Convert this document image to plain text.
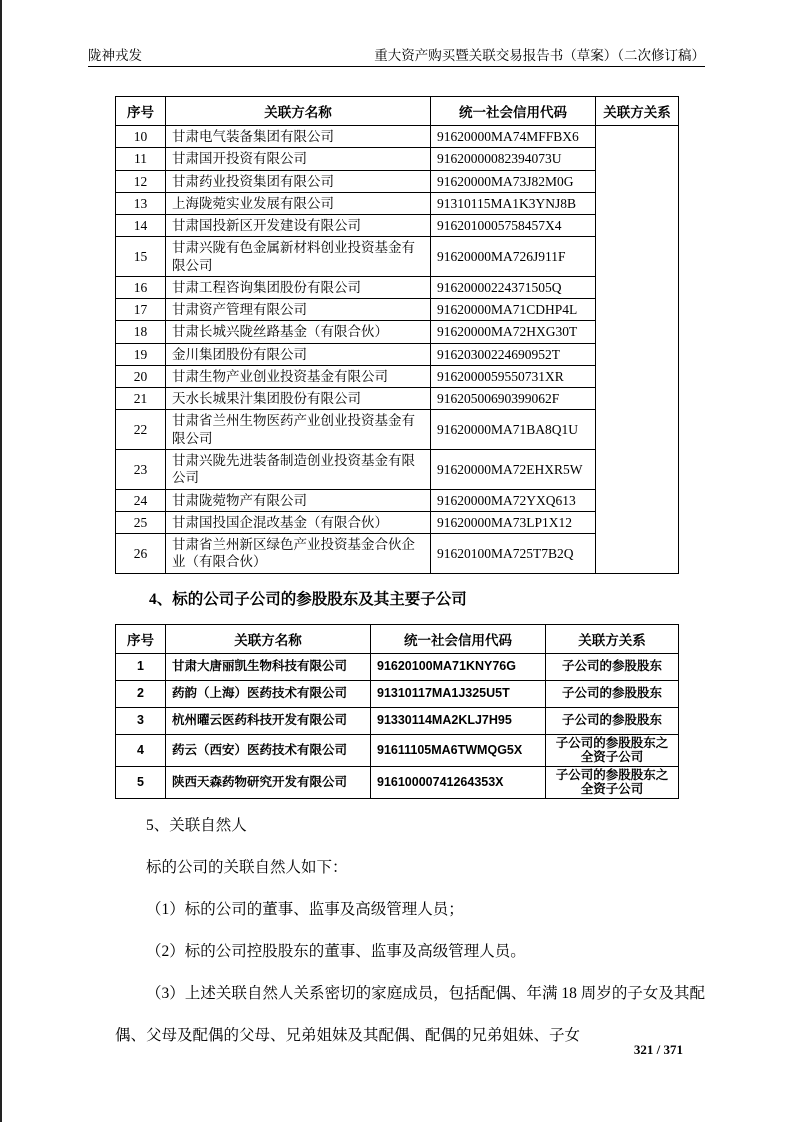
陇神戎发	重大资产购买暨关联交易报告书（草案）（二次修订稿）
序号	关联方名称	统一社会信用代码	关联方关系
10	甘肃电气装备集团有限公司	91620000MA74MFFBX6	
11	甘肃国开投资有限公司	91620000082394073U	
12	甘肃药业投资集团有限公司	91620000MA73J82M0G	
13	上海陇菀实业发展有限公司	91310115MA1K3YNJ8B	
14	甘肃国投新区开发建设有限公司	9162010005758457X4	
15	甘肃兴陇有色金属新材料创业投资基金有限公司	91620000MA726J911F	
16	甘肃工程咨询集团股份有限公司	91620000224371505Q	
17	甘肃资产管理有限公司	91620000MA71CDHP4L	
18	甘肃长城兴陇丝路基金（有限合伙）	91620000MA72HXG30T	
19	金川集团股份有限公司	91620300224690952T	
20	甘肃生物产业创业投资基金有限公司	9162000059550731XR	
21	天水长城果汁集团股份有限公司	91620500690399062F	
22	甘肃省兰州生物医药产业创业投资基金有限公司	91620000MA71BA8Q1U	
23	甘肃兴陇先进装备制造创业投资基金有限公司	91620000MA72EHXR5W	
24	甘肃陇菀物产有限公司	91620000MA72YXQ613	
25	甘肃国投国企混改基金（有限合伙）	91620000MA73LP1X12	
26	甘肃省兰州新区绿色产业投资基金合伙企业（有限合伙）	91620100MA725T7B2Q	
4、标的公司子公司的参股股东及其主要子公司
序号	关联方名称	统一社会信用代码	关联方关系
1	甘肃大唐丽凯生物科技有限公司	91620100MA71KNY76G	子公司的参股股东
2	药韵（上海）医药技术有限公司	91310117MA1J325U5T	子公司的参股股东
3	杭州曜云医药科技开发有限公司	91330114MA2KLJ7H95	子公司的参股股东
4	药云（西安）医药技术有限公司	91611105MA6TWMQG5X	子公司的参股股东之全资子公司
5	陕西天森药物研究开发有限公司	91610000741264353X	子公司的参股股东之全资子公司

5、关联自然人

标的公司的关联自然人如下：

（1）标的公司的董事、监事及高级管理人员；

（2）标的公司控股股东的董事、监事及高级管理人员。

（3）上述关联自然人关系密切的家庭成员，包括配偶、年满 18 周岁的子女及其配偶、父母及配偶的父母、兄弟姐妹及其配偶、配偶的兄弟姐妹、子女

321 / 371
